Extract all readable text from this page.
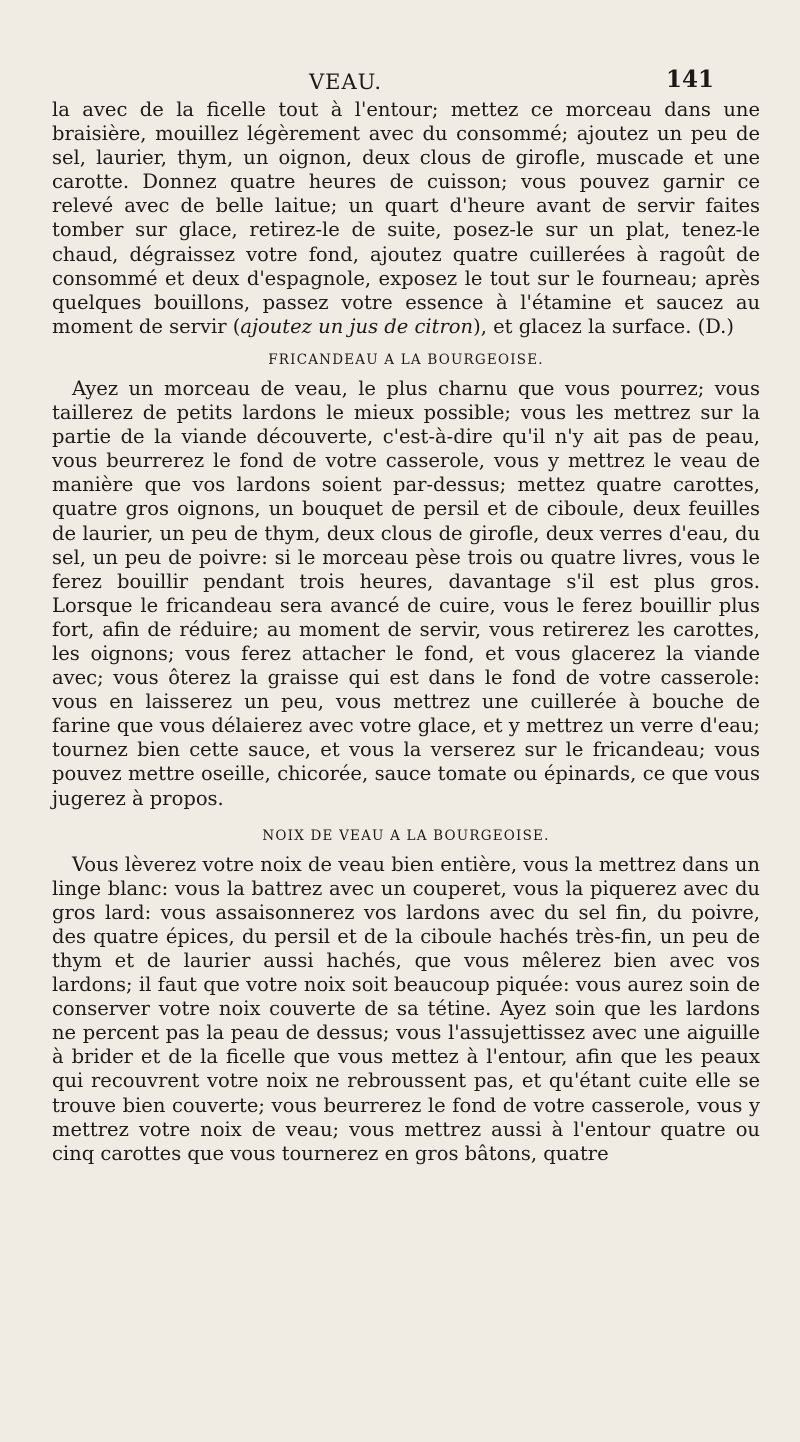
VEAU.	141

la avec de la ficelle tout à l'entour; mettez ce morceau dans une braisière, mouillez légèrement avec du consommé; ajoutez un peu de sel, laurier, thym, un oignon, deux clous de girofle, muscade et une carotte. Donnez quatre heures de cuisson; vous pouvez garnir ce relevé avec de belle laitue; un quart d'heure avant de servir faites tomber sur glace, retirez-le de suite, posez-le sur un plat, tenez-le chaud, dégraissez votre fond, ajoutez quatre cuillerées à ragoût de consommé et deux d'espagnole, exposez le tout sur le fourneau; après quelques bouillons, passez votre essence à l'étamine et saucez au moment de servir (ajoutez un jus de citron), et glacez la surface. (D.)

FRICANDEAU A LA BOURGEOISE.

Ayez un morceau de veau, le plus charnu que vous pourrez; vous taillerez de petits lardons le mieux possible; vous les mettrez sur la partie de la viande découverte, c'est-à-dire qu'il n'y ait pas de peau, vous beurrerez le fond de votre casserole, vous y mettrez le veau de manière que vos lardons soient par-dessus; mettez quatre carottes, quatre gros oignons, un bouquet de persil et de ciboule, deux feuilles de laurier, un peu de thym, deux clous de girofle, deux verres d'eau, du sel, un peu de poivre: si le morceau pèse trois ou quatre livres, vous le ferez bouillir pendant trois heures, davantage s'il est plus gros. Lorsque le fricandeau sera avancé de cuire, vous le ferez bouillir plus fort, afin de réduire; au moment de servir, vous retirerez les carottes, les oignons; vous ferez attacher le fond, et vous glacerez la viande avec; vous ôterez la graisse qui est dans le fond de votre casserole: vous en laisserez un peu, vous mettrez une cuillerée à bouche de farine que vous délaierez avec votre glace, et y mettrez un verre d'eau; tournez bien cette sauce, et vous la verserez sur le fricandeau; vous pouvez mettre oseille, chicorée, sauce tomate ou épinards, ce que vous jugerez à propos.

NOIX DE VEAU A LA BOURGEOISE.

Vous lèverez votre noix de veau bien entière, vous la mettrez dans un linge blanc: vous la battrez avec un couperet, vous la piquerez avec du gros lard: vous assaisonnerez vos lardons avec du sel fin, du poivre, des quatre épices, du persil et de la ciboule hachés très-fin, un peu de thym et de laurier aussi hachés, que vous mêlerez bien avec vos lardons; il faut que votre noix soit beaucoup piquée: vous aurez soin de conserver votre noix couverte de sa tétine. Ayez soin que les lardons ne percent pas la peau de dessus; vous l'assujettissez avec une aiguille à brider et de la ficelle que vous mettez à l'entour, afin que les peaux qui recouvrent votre noix ne rebroussent pas, et qu'étant cuite elle se trouve bien couverte; vous beurrerez le fond de votre casserole, vous y mettrez votre noix de veau; vous mettrez aussi à l'entour quatre ou cinq carottes que vous tournerez en gros bâtons, quatre
